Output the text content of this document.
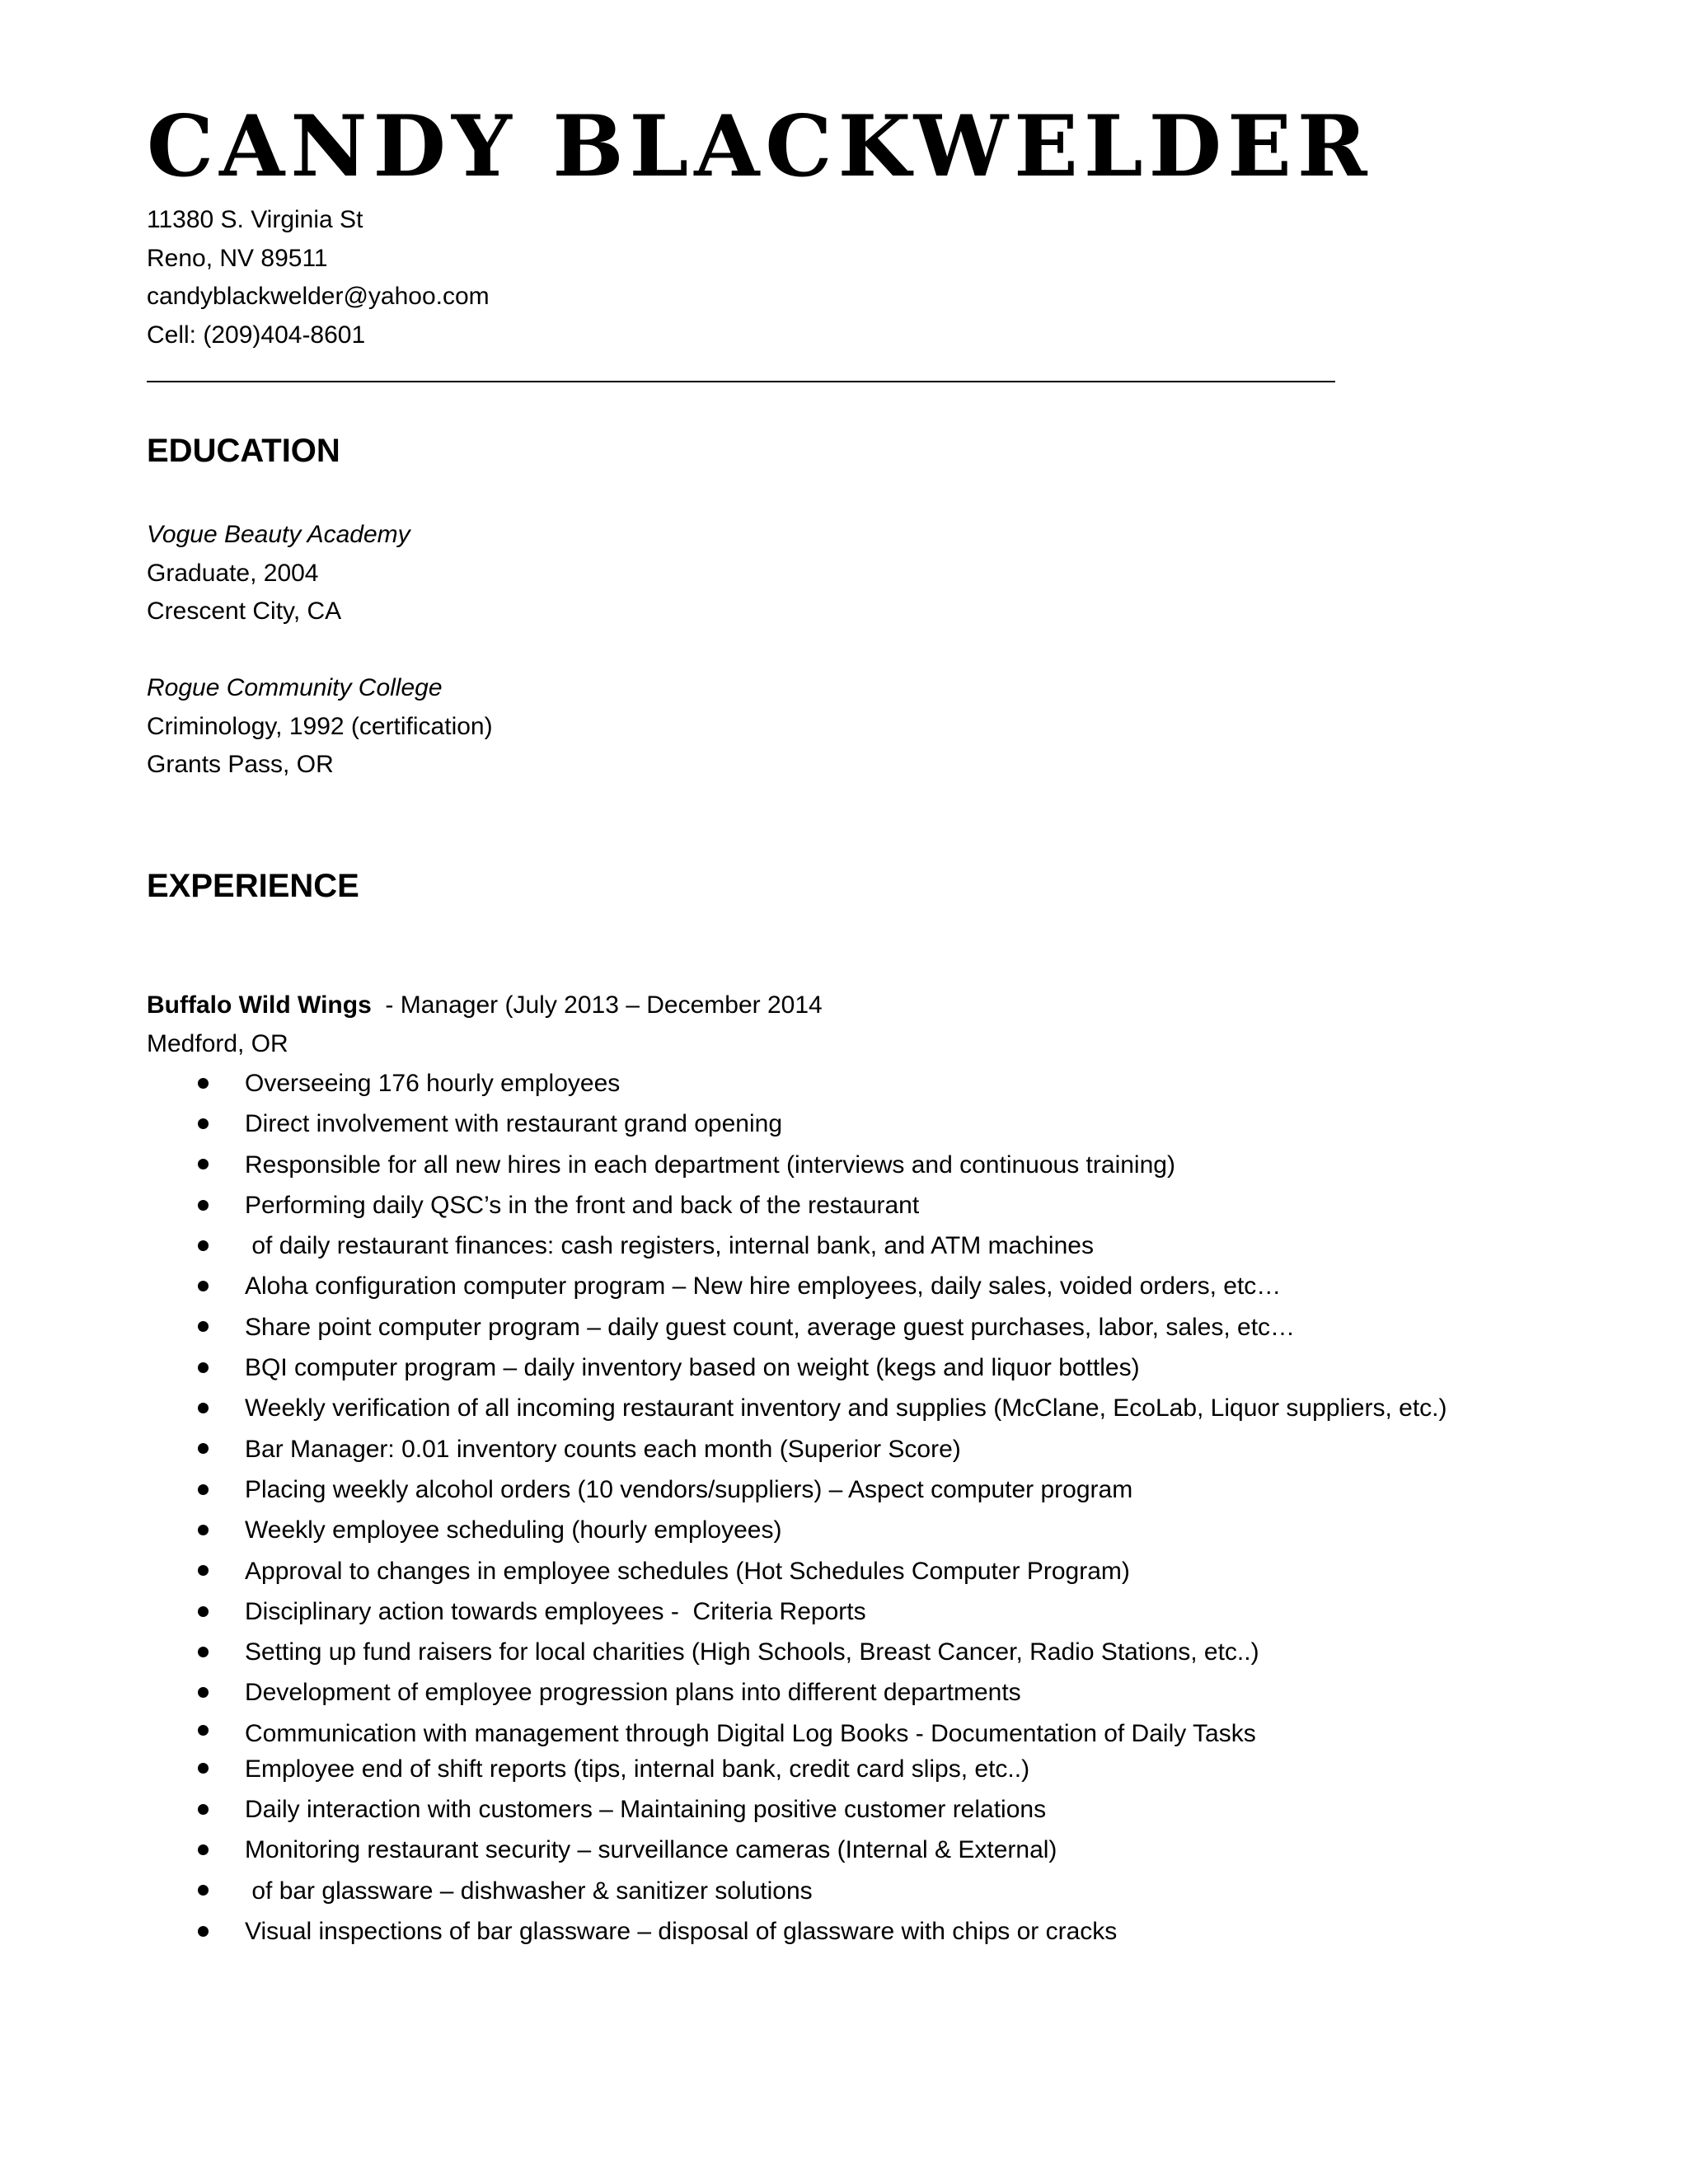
CANDY BLACKWELDER
11380 S. Virginia St
Reno, NV 89511
candyblackwelder@yahoo.com
Cell: (209)404-8601
EDUCATION
Vogue Beauty Academy
Graduate, 2004
Crescent City, CA
Rogue Community College
Criminology, 1992 (certification)
Grants Pass, OR
EXPERIENCE
Buffalo Wild Wings  - Manager (July 2013 – December 2014
Medford, OR
Overseeing 176 hourly employees
Direct involvement with restaurant grand opening
Responsible for all new hires in each department (interviews and continuous training)
Performing daily QSC’s in the front and back of the restaurant
of daily restaurant finances: cash registers, internal bank, and ATM machines
Aloha configuration computer program – New hire employees, daily sales, voided orders, etc…
Share point computer program – daily guest count, average guest purchases, labor, sales, etc…
BQI computer program – daily inventory based on weight (kegs and liquor bottles)
Weekly verification of all incoming restaurant inventory and supplies (McClane, EcoLab, Liquor suppliers, etc.)
Bar Manager: 0.01 inventory counts each month (Superior Score)
Placing weekly alcohol orders (10 vendors/suppliers) – Aspect computer program
Weekly employee scheduling (hourly employees)
Approval to changes in employee schedules (Hot Schedules Computer Program)
Disciplinary action towards employees -  Criteria Reports
Setting up fund raisers for local charities (High Schools, Breast Cancer, Radio Stations, etc..)
Development of employee progression plans into different departments
Communication with management through Digital Log Books - Documentation of Daily Tasks
Employee end of shift reports (tips, internal bank, credit card slips, etc..)
Daily interaction with customers – Maintaining positive customer relations
Monitoring restaurant security – surveillance cameras (Internal & External)
of bar glassware – dishwasher & sanitizer solutions
Visual inspections of bar glassware – disposal of glassware with chips or cracks
